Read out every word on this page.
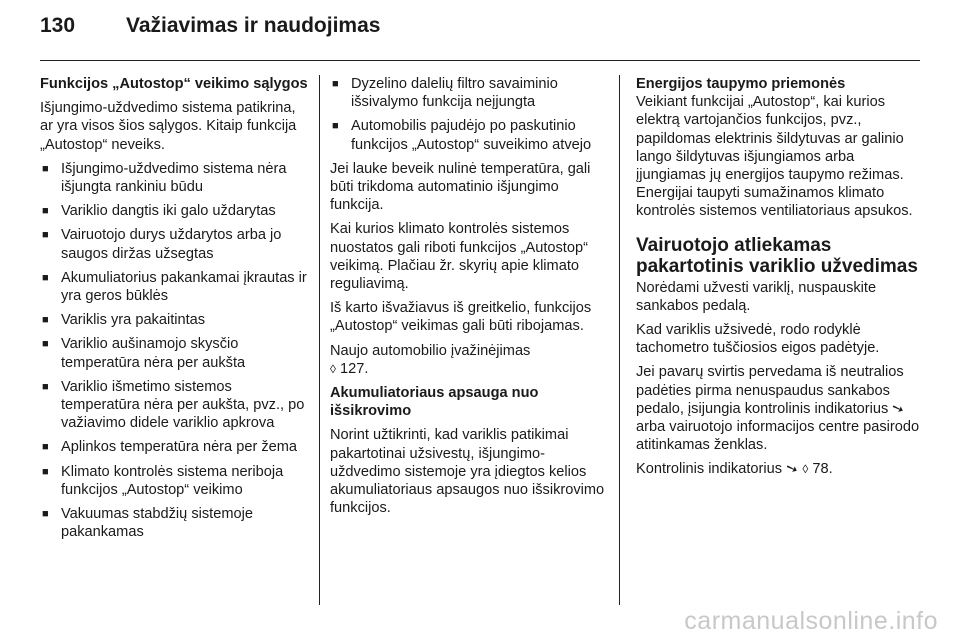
130	Važiavimas ir naudojimas

Funkcijos „Autostop“ veikimo sąlygos

Išjungimo-uždvedimo sistema patikrina, ar yra visos šios sąlygos. Kitaip funkcija „Autostop“ neveiks.

■ Išjungimo-uždvedimo sistema nėra išjungta rankiniu būdu
■ Variklio dangtis iki galo uždarytas
■ Vairuotojo durys uždarytos arba jo saugos diržas užsegtas
■ Akumuliatorius pakankamai įkrautas ir yra geros būklės
■ Variklis yra pakaitintas
■ Variklio aušinamojo skysčio temperatūra nėra per aukšta
■ Variklio išmetimo sistemos temperatūra nėra per aukšta, pvz., po važiavimo didele variklio apkrova
■ Aplinkos temperatūra nėra per žema
■ Klimato kontrolės sistema neriboja funkcijos „Autostop“ veikimo
■ Vakuumas stabdžių sistemoje pakankamas
■ Dyzelino dalelių filtro savaiminio išsivalymo funkcija neįjungta
■ Automobilis pajudėjo po paskutinio funkcijos „Autostop“ suveikimo atvejo

Jei lauke beveik nulinė temperatūra, gali būti trikdoma automatinio išjungimo funkcija.

Kai kurios klimato kontrolės sistemos nuostatos gali riboti funkcijos „Autostop“ veikimą. Plačiau žr. skyrių apie klimato reguliavimą.

Iš karto išvažiavus iš greitkelio, funkcijos „Autostop“ veikimas gali būti ribojamas.

Naujo automobilio įvažinėjimas
◊ 127.

Akumuliatoriaus apsauga nuo išsikrovimo

Norint užtikrinti, kad variklis patikimai pakartotinai užsivestų, išjungimo-uždvedimo sistemoje yra įdiegtos kelios akumuliatoriaus apsaugos nuo išsikrovimo funkcijos.

Energijos taupymo priemonės

Veikiant funkcijai „Autostop“, kai kurios elektrą vartojančios funkcijos, pvz., papildomas elektrinis šildytuvas ar galinio lango šildytuvas išjungiamos arba įjungiamas jų energijos taupymo režimas. Energijai taupyti sumažinamos klimato kontrolės sistemos ventiliatoriaus apsukos.

Vairuotojo atliekamas pakartotinis variklio užvedimas

Norėdami užvesti variklį, nuspauskite sankabos pedalą.

Kad variklis užsivedė, rodo rodyklė tachometro tuščiosios eigos padėtyje.

Jei pavarų svirtis pervedama iš neutralios padėties pirma nenuspaudus sankabos pedalo, įsijungia kontrolinis indikatorius ➘ arba vairuotojo informacijos centre pasirodo atitinkamas ženklas.

Kontrolinis indikatorius ➘ ◊ 78.

carmanualsonline.info
